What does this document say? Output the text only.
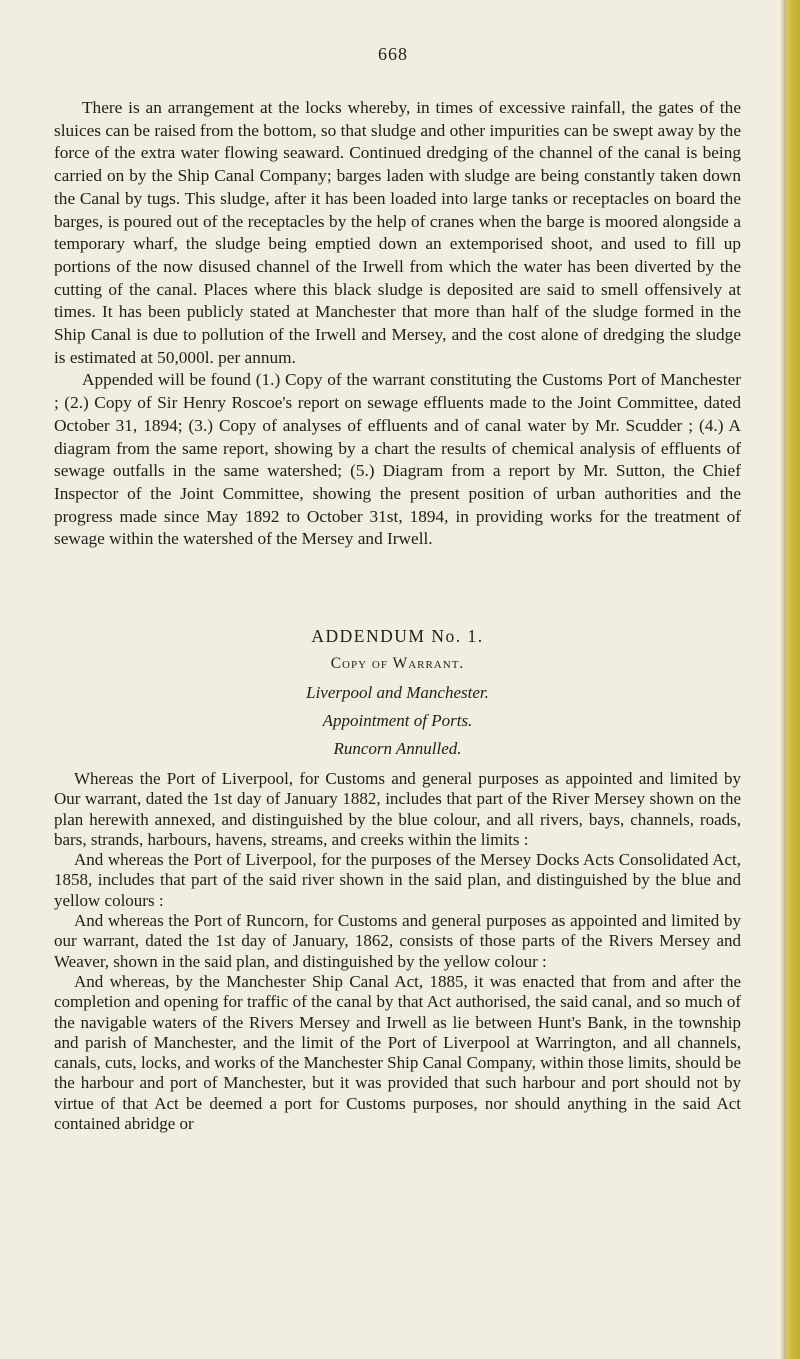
668

There is an arrangement at the locks whereby, in times of excessive rainfall, the gates of the sluices can be raised from the bottom, so that sludge and other impurities can be swept away by the force of the extra water flowing seaward. Continued dredging of the channel of the canal is being carried on by the Ship Canal Company; barges laden with sludge are being constantly taken down the Canal by tugs. This sludge, after it has been loaded into large tanks or receptacles on board the barges, is poured out of the receptacles by the help of cranes when the barge is moored alongside a temporary wharf, the sludge being emptied down an extemporised shoot, and used to fill up portions of the now disused channel of the Irwell from which the water has been diverted by the cutting of the canal. Places where this black sludge is deposited are said to smell offensively at times. It has been publicly stated at Manchester that more than half of the sludge formed in the Ship Canal is due to pollution of the Irwell and Mersey, and the cost alone of dredging the sludge is estimated at 50,000l. per annum.

Appended will be found (1.) Copy of the warrant constituting the Customs Port of Manchester ; (2.) Copy of Sir Henry Roscoe's report on sewage effluents made to the Joint Committee, dated October 31, 1894; (3.) Copy of analyses of effluents and of canal water by Mr. Scudder ; (4.) A diagram from the same report, showing by a chart the results of chemical analysis of effluents of sewage outfalls in the same watershed; (5.) Diagram from a report by Mr. Sutton, the Chief Inspector of the Joint Committee, showing the present position of urban authorities and the progress made since May 1892 to October 31st, 1894, in providing works for the treatment of sewage within the watershed of the Mersey and Irwell.

ADDENDUM No. 1.

Copy of Warrant.

Liverpool and Manchester.

Appointment of Ports.

Runcorn Annulled.

Whereas the Port of Liverpool, for Customs and general purposes as appointed and limited by Our warrant, dated the 1st day of January 1882, includes that part of the River Mersey shown on the plan herewith annexed, and distinguished by the blue colour, and all rivers, bays, channels, roads, bars, strands, harbours, havens, streams, and creeks within the limits :

And whereas the Port of Liverpool, for the purposes of the Mersey Docks Acts Consolidated Act, 1858, includes that part of the said river shown in the said plan, and distinguished by the blue and yellow colours :

And whereas the Port of Runcorn, for Customs and general purposes as appointed and limited by our warrant, dated the 1st day of January, 1862, consists of those parts of the Rivers Mersey and Weaver, shown in the said plan, and distinguished by the yellow colour :

And whereas, by the Manchester Ship Canal Act, 1885, it was enacted that from and after the completion and opening for traffic of the canal by that Act authorised, the said canal, and so much of the navigable waters of the Rivers Mersey and Irwell as lie between Hunt's Bank, in the township and parish of Manchester, and the limit of the Port of Liverpool at Warrington, and all channels, canals, cuts, locks, and works of the Manchester Ship Canal Company, within those limits, should be the harbour and port of Manchester, but it was provided that such harbour and port should not by virtue of that Act be deemed a port for Customs purposes, nor should anything in the said Act contained abridge or
